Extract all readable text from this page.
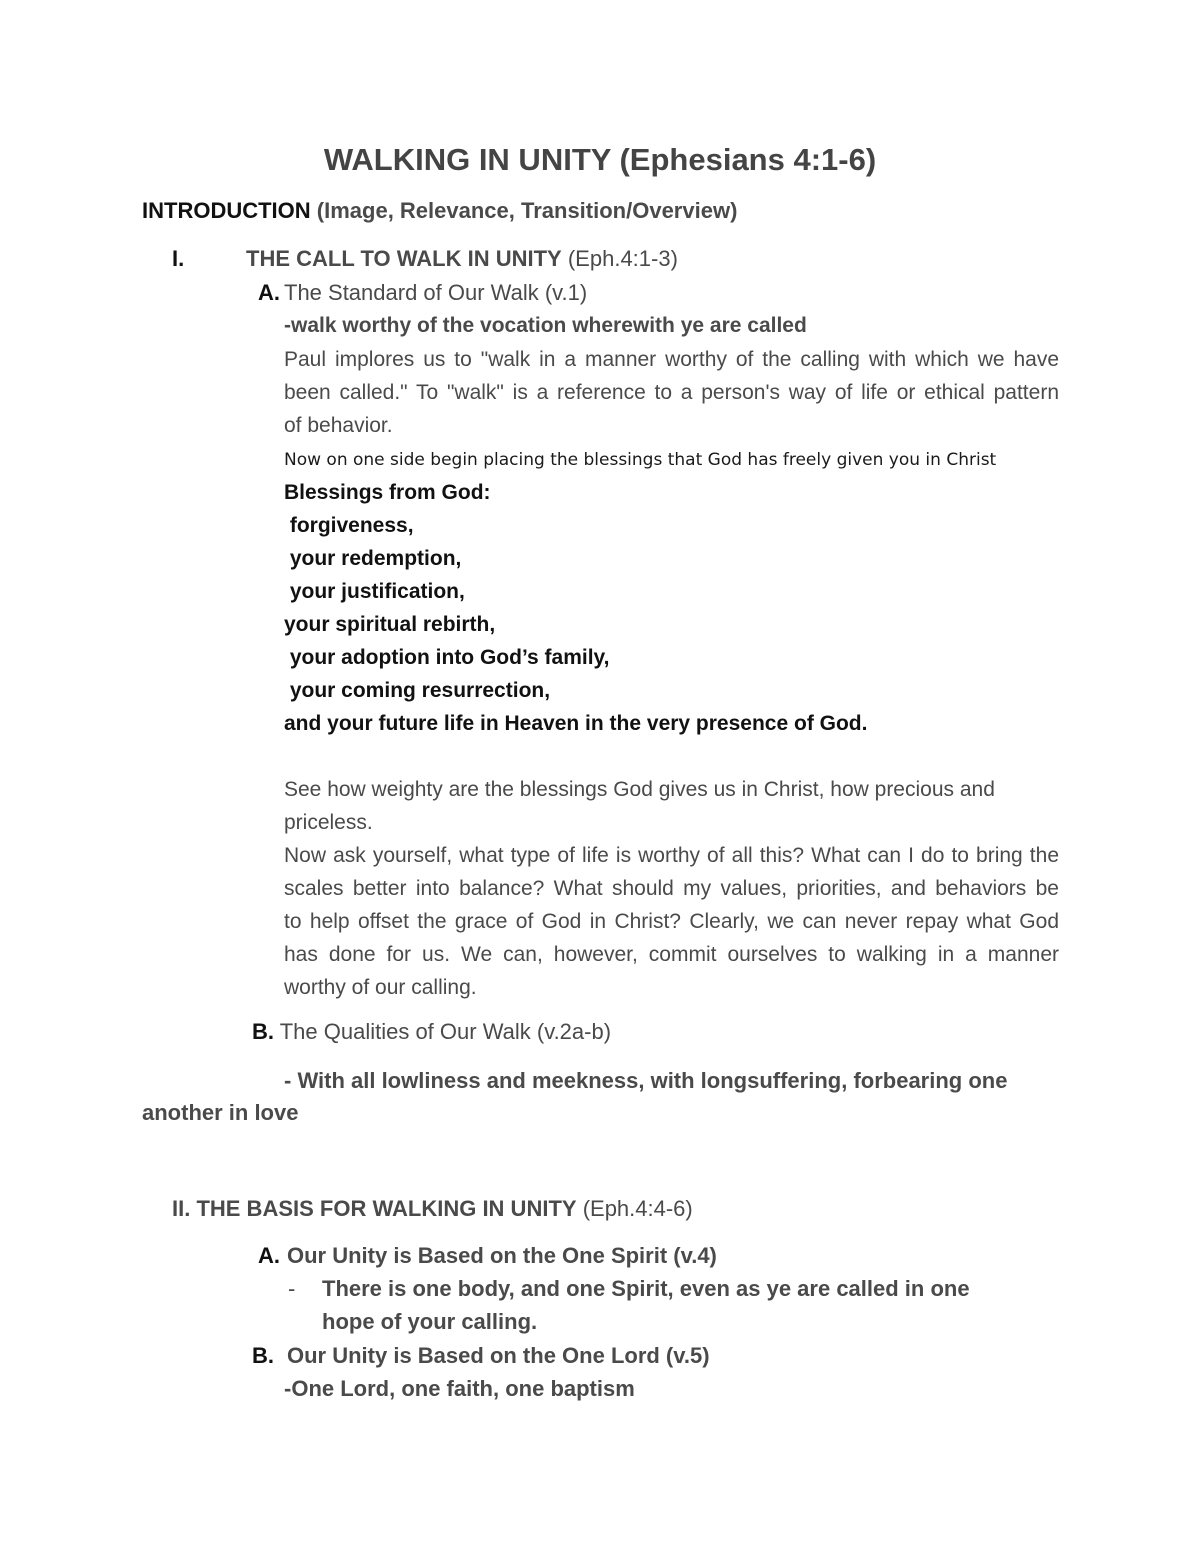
WALKING IN UNITY (Ephesians 4:1-6)
INTRODUCTION (Image, Relevance, Transition/Overview)
I.	THE CALL TO WALK IN UNITY (Eph.4:1-3)
A. The Standard of Our Walk (v.1)
-walk worthy of the vocation wherewith ye are called
Paul implores us to "walk in a manner worthy of the calling with which we have
been called." To "walk" is a reference to a person's way of life or ethical pattern
of behavior.
Now on one side begin placing the blessings that God has freely given you in Christ
Blessings from God:
forgiveness,
your redemption,
your justification,
your spiritual rebirth,
your adoption into God’s family,
your coming resurrection,
and your future life in Heaven in the very presence of God.
See how weighty are the blessings God gives us in Christ, how precious and
priceless.
Now ask yourself, what type of life is worthy of all this? What can I do to bring the
scales better into balance? What should my values, priorities, and behaviors be
to help offset the grace of God in Christ? Clearly, we can never repay what God
has done for us. We can, however, commit ourselves to walking in a manner
worthy of our calling.
B. The Qualities of Our Walk (v.2a-b)
- With all lowliness and meekness, with longsuffering, forbearing one
another in love
II. THE BASIS FOR WALKING IN UNITY (Eph.4:4-6)
A. Our Unity is Based on the One Spirit (v.4)
- There is one body, and one Spirit, even as ye are called in one
hope of your calling.
B. Our Unity is Based on the One Lord (v.5)
-One Lord, one faith, one baptism
